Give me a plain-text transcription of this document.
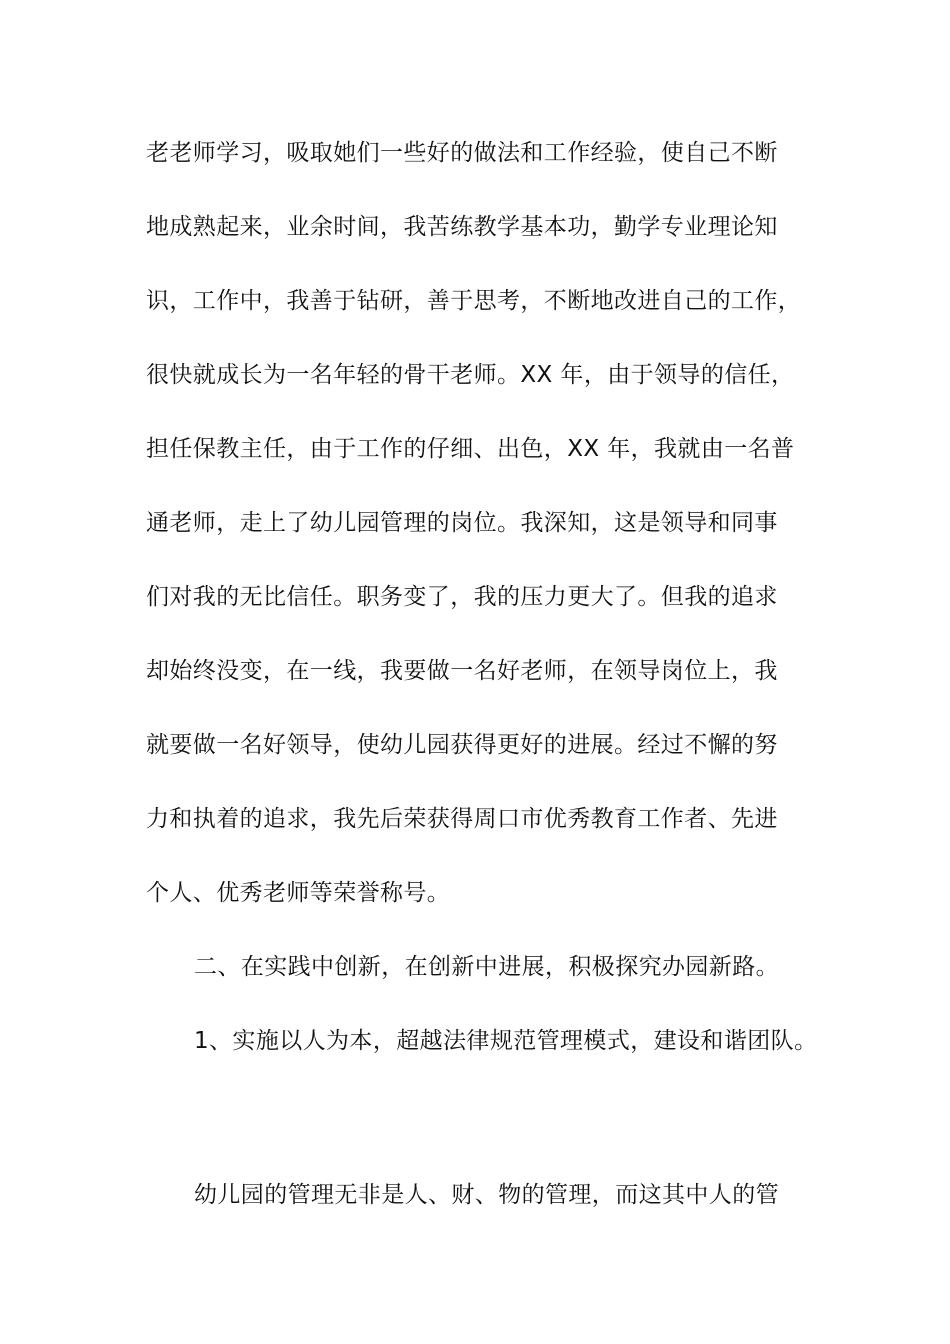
老老师学习，吸取她们一些好的做法和工作经验，使自己不断
地成熟起来，业余时间，我苦练教学基本功，勤学专业理论知
识，工作中，我善于钻研，善于思考，不断地改进自己的工作，
很快就成长为一名年轻的骨干老师。XX 年，由于领导的信任，
担任保教主任，由于工作的仔细、出色，XX 年，我就由一名普
通老师，走上了幼儿园管理的岗位。我深知，这是领导和同事
们对我的无比信任。职务变了，我的压力更大了。但我的追求
却始终没变，在一线，我要做一名好老师，在领导岗位上，我
就要做一名好领导，使幼儿园获得更好的进展。经过不懈的努
力和执着的追求，我先后荣获得周口市优秀教育工作者、先进
个人、优秀老师等荣誉称号。
二、在实践中创新，在创新中进展，积极探究办园新路。
1、实施以人为本，超越法律规范管理模式，建设和谐团队。
幼儿园的管理无非是人、财、物的管理，而这其中人的管
